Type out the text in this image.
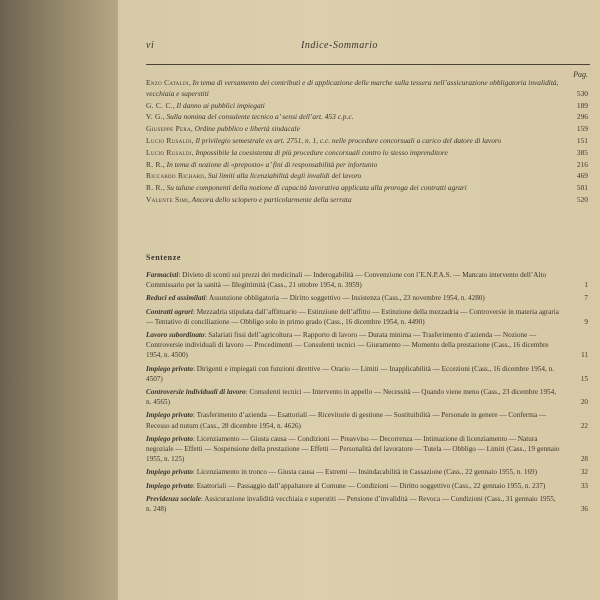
vi	Indice-Sommario
Pag.
Enzo Cataldi, In tema di versamento dei contributi e di applicazione delle marche sulla tessera nell’assicurazione obbligatoria invalidità, vecchiaia e superstiti	530
G. C. C., Il danno ai pubblici impiegati	189
V. G., Sulla nomina del consulente tecnico a’ sensi dell’art. 453 c.p.c.	296
Giuseppe Pera, Ordine pubblico e libertà sindacale	159
Lucio Rusaldi, Il privilegio semestrale ex art. 2751, n. 1, c.c. nelle procedure concorsuali a carico del datore di lavoro	151
Lucio Rusaldi, Impossibile la coesistenza di più procedure concorsuali contro lo stesso imprenditore	385
R. R., In tema di nozione di «preposto» a’ fini di responsabilità per infortunio	216
Riccardo Richard, Sui limiti alla licenziabilità degli invalidi del lavoro	469
R. R., Su talune componenti della nozione di capacità lavorativa applicata alla proroga dei contratti agrari	501
Valente Simi, Ancora dello sciopero e particolarmente della serrata	520
Sentenze
Farmacisti: Divieto di sconti sui prezzi dei medicinali — Inderogabilità — Convenzione con l’E.N.P.A.S. — Mancato intervento dell’Alto Commissario per la sanità — Illegittimità (Cass., 21 ottobre 1954, n. 3959)	1
Reduci ed assimilati: Assunzione obbligatoria — Diritto soggettivo — Insistenza (Cass., 23 novembre 1954, n. 4280)	7
Contratti agrari: Mezzadria stipulata dall’affittuario — Estinzione dell’affitto — Estinzione della mezzadria — Controversie in materia agraria — Tentativo di conciliazione — Obbligo solo in primo grado (Cass., 16 dicembre 1954, n. 4490)	9
Lavoro subordinato: Salariati fissi dell’agricoltura — Rapporto di lavoro — Durata minima — Trasferimento d’azienda — Nozione — Controversie individuali di lavoro — Procedimenti — Consulenti tecnici — Giuramento — Momento della prestazione (Cass., 16 dicembre 1954, n. 4500)	11
Impiego privato: Dirigenti e impiegati con funzioni direttive — Orario — Limiti — Inapplicabilità — Eccezioni (Cass., 16 dicembre 1954, n. 4507)	15
Controversie individuali di lavoro: Consulenti tecnici — Intervento in appello — Necessità — Quando viene meno (Cass., 23 dicembre 1954, n. 4565)	20
Impiego privato: Trasferimento d’azienda — Esattoriali — Ricevitorie di gestione — Sostituibilità — Personale in genere — Conferma — Recesso ad nutum (Cass., 28 dicembre 1954, n. 4626)	22
Impiego privato: Licenziamento — Giusta causa — Condizioni — Preavviso — Decorrenza — Intimazione di licenziamento — Natura negoziale — Effetti — Sospensione della prestazione — Effetti — Personalità del lavoratore — Tutela — Obbligo — Limiti (Cass., 19 gennaio 1955, n. 125)	28
Impiego privato: Licenziamento in tronco — Giusta causa — Estremi — Insindacabilità in Cassazione (Cass., 22 gennaio 1955, n. 169)	32
Impiego privato: Esattoriali — Passaggio dall’appaltatore al Comune — Condizioni — Diritto soggettivo (Cass., 22 gennaio 1955, n. 237)	33
Previdenza sociale: Assicurazione invalidità vecchiaia e superstiti — Pensione d’invalidità — Revoca — Condizioni (Cass., 31 gennaio 1955, n. 248)	36
